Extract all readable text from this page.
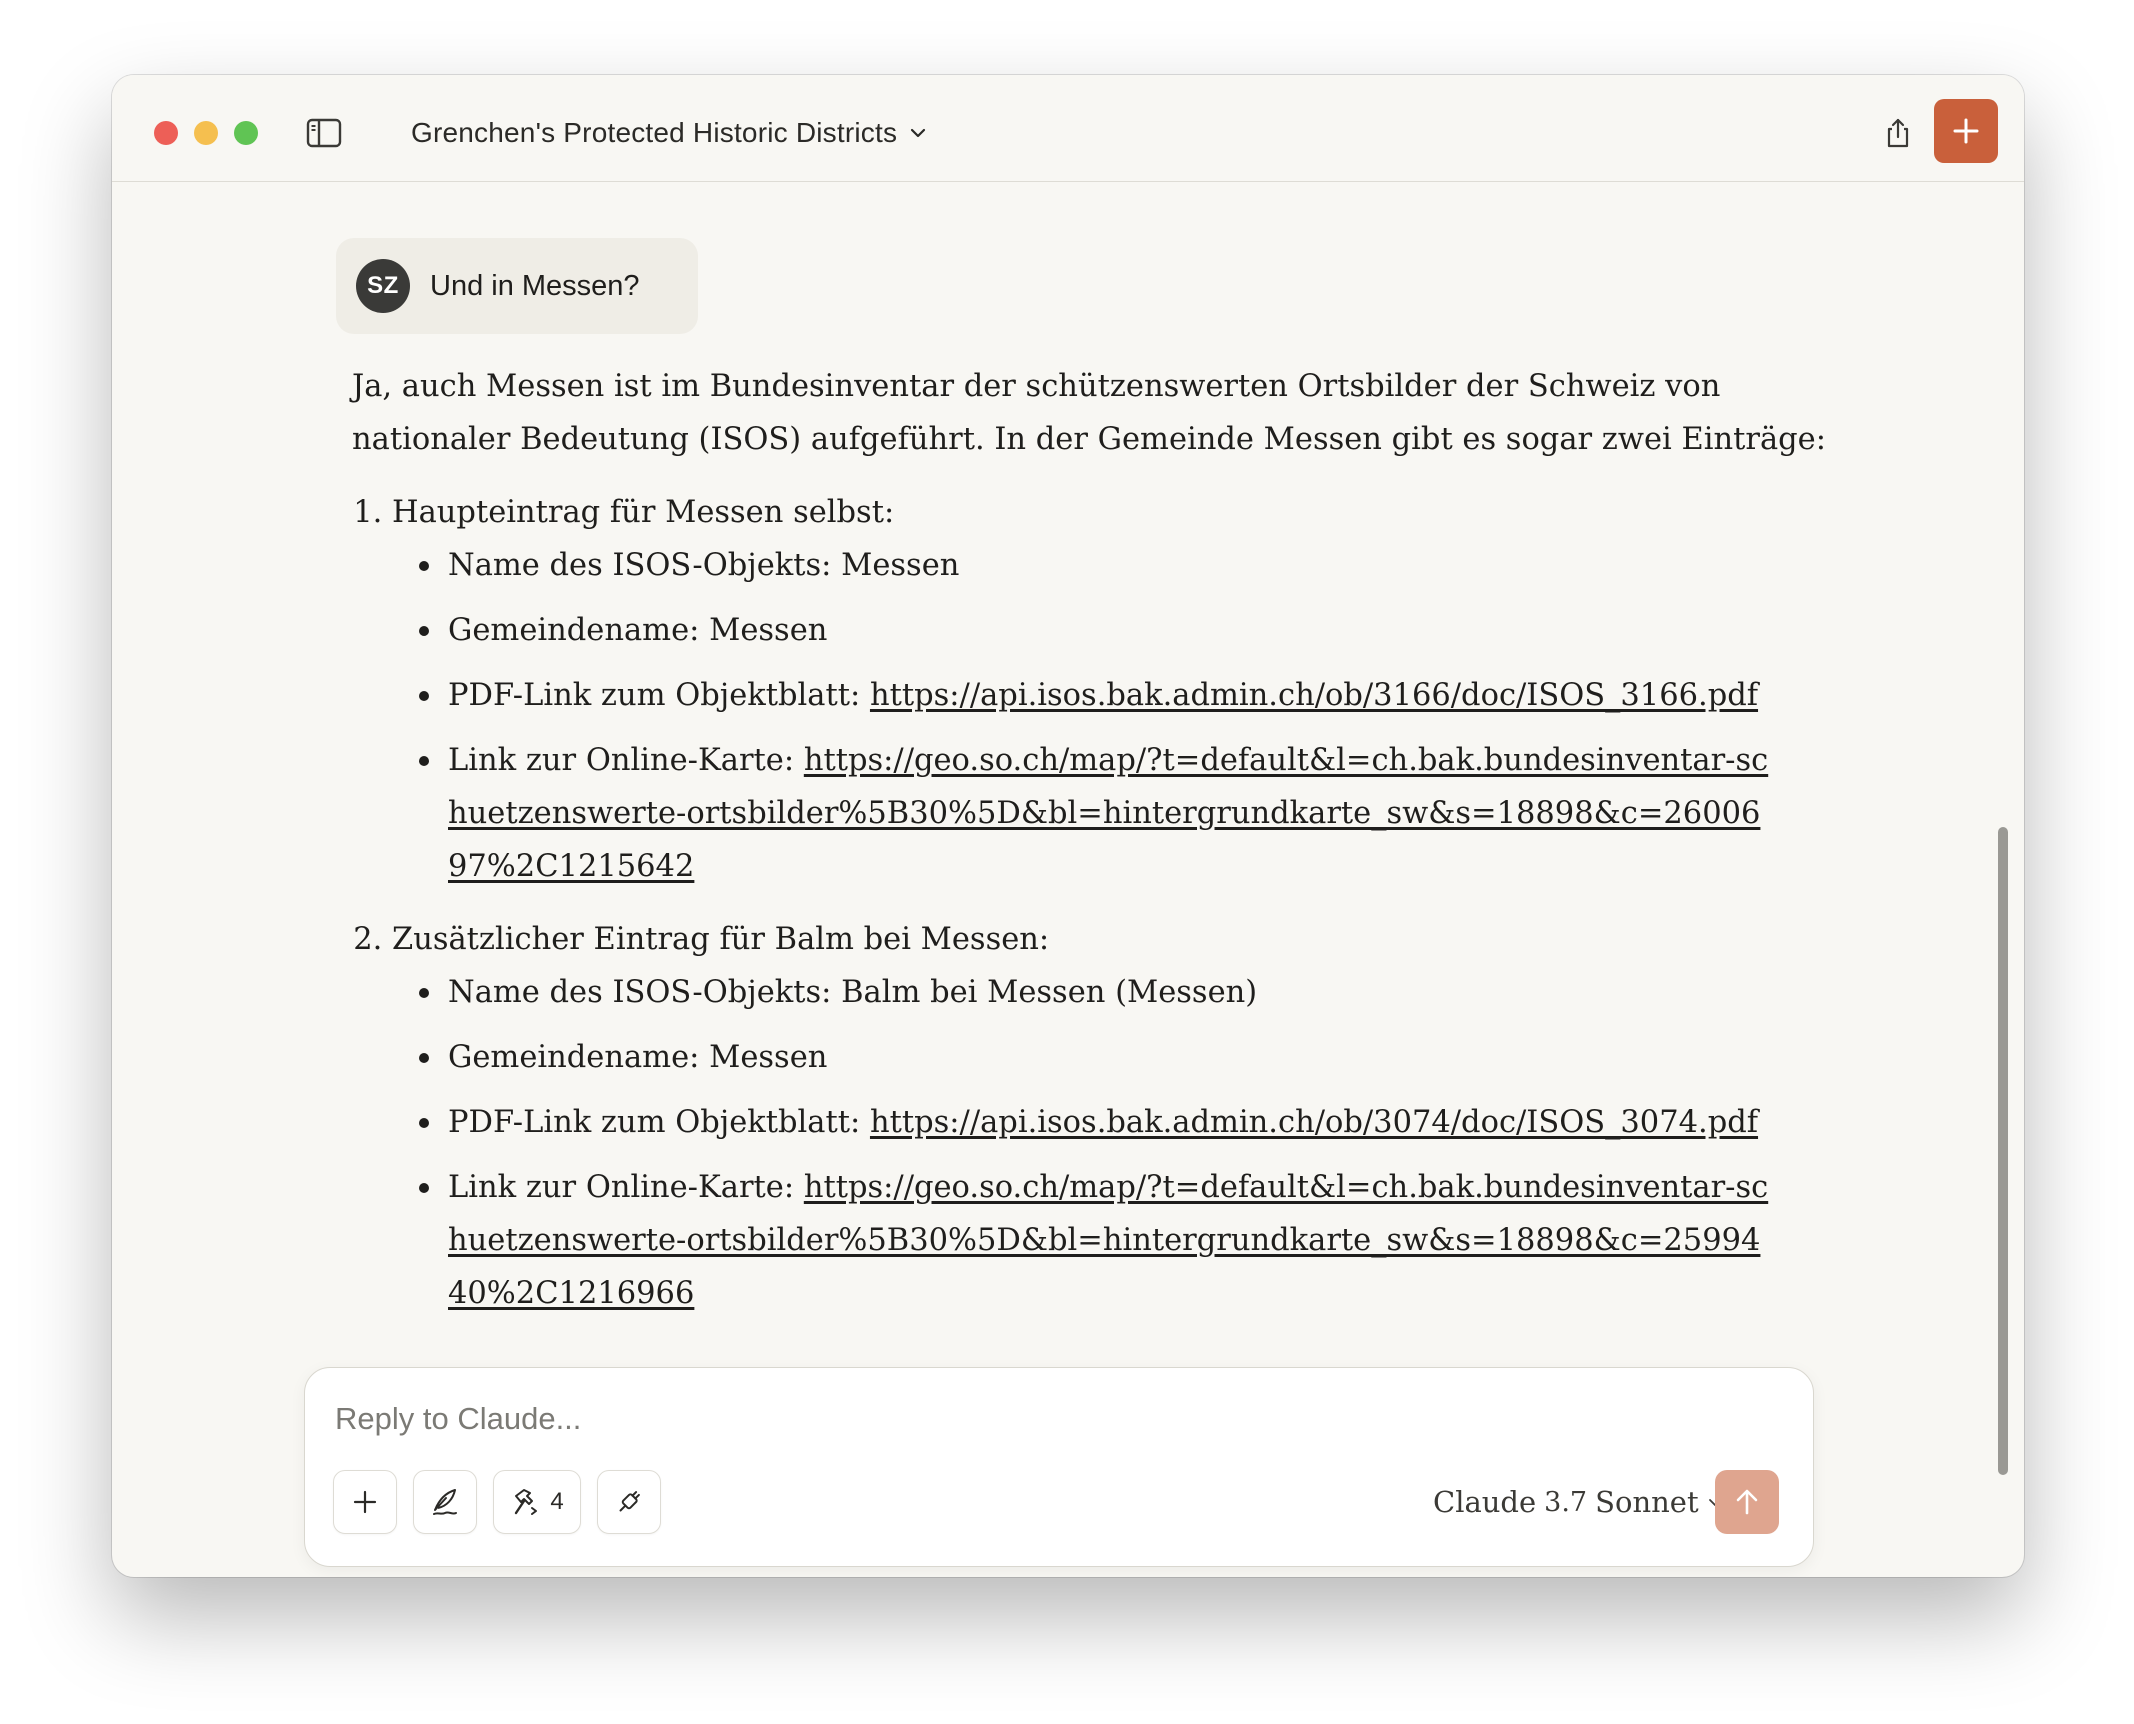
Grenchen's Protected Historic Districts
SZ	Und in Messen?

Ja, auch Messen ist im Bundesinventar der schützenswerten Ortsbilder der Schweiz von nationaler Bedeutung (ISOS) aufgeführt. In der Gemeinde Messen gibt es sogar zwei Einträge:

1. Haupteintrag für Messen selbst:
Name des ISOS-Objekts: Messen
Gemeindename: Messen
PDF-Link zum Objektblatt: https://api.isos.bak.admin.ch/ob/3166/doc/ISOS_3166.pdf
Link zur Online-Karte: https://geo.so.ch/map/?t=default&l=ch.bak.bundesinventar-schuetzenswerte-ortsbilder%5B30%5D&bl=hintergrundkarte_sw&s=18898&c=2600697%2C1215642
2. Zusätzlicher Eintrag für Balm bei Messen:
Name des ISOS-Objekts: Balm bei Messen (Messen)
Gemeindename: Messen
PDF-Link zum Objektblatt: https://api.isos.bak.admin.ch/ob/3074/doc/ISOS_3074.pdf
Link zur Online-Karte: https://geo.so.ch/map/?t=default&l=ch.bak.bundesinventar-schuetzenswerte-ortsbilder%5B30%5D&bl=hintergrundkarte_sw&s=18898&c=2599440%2C1216966
Reply to Claude...
4	Claude 3.7 Sonnet
